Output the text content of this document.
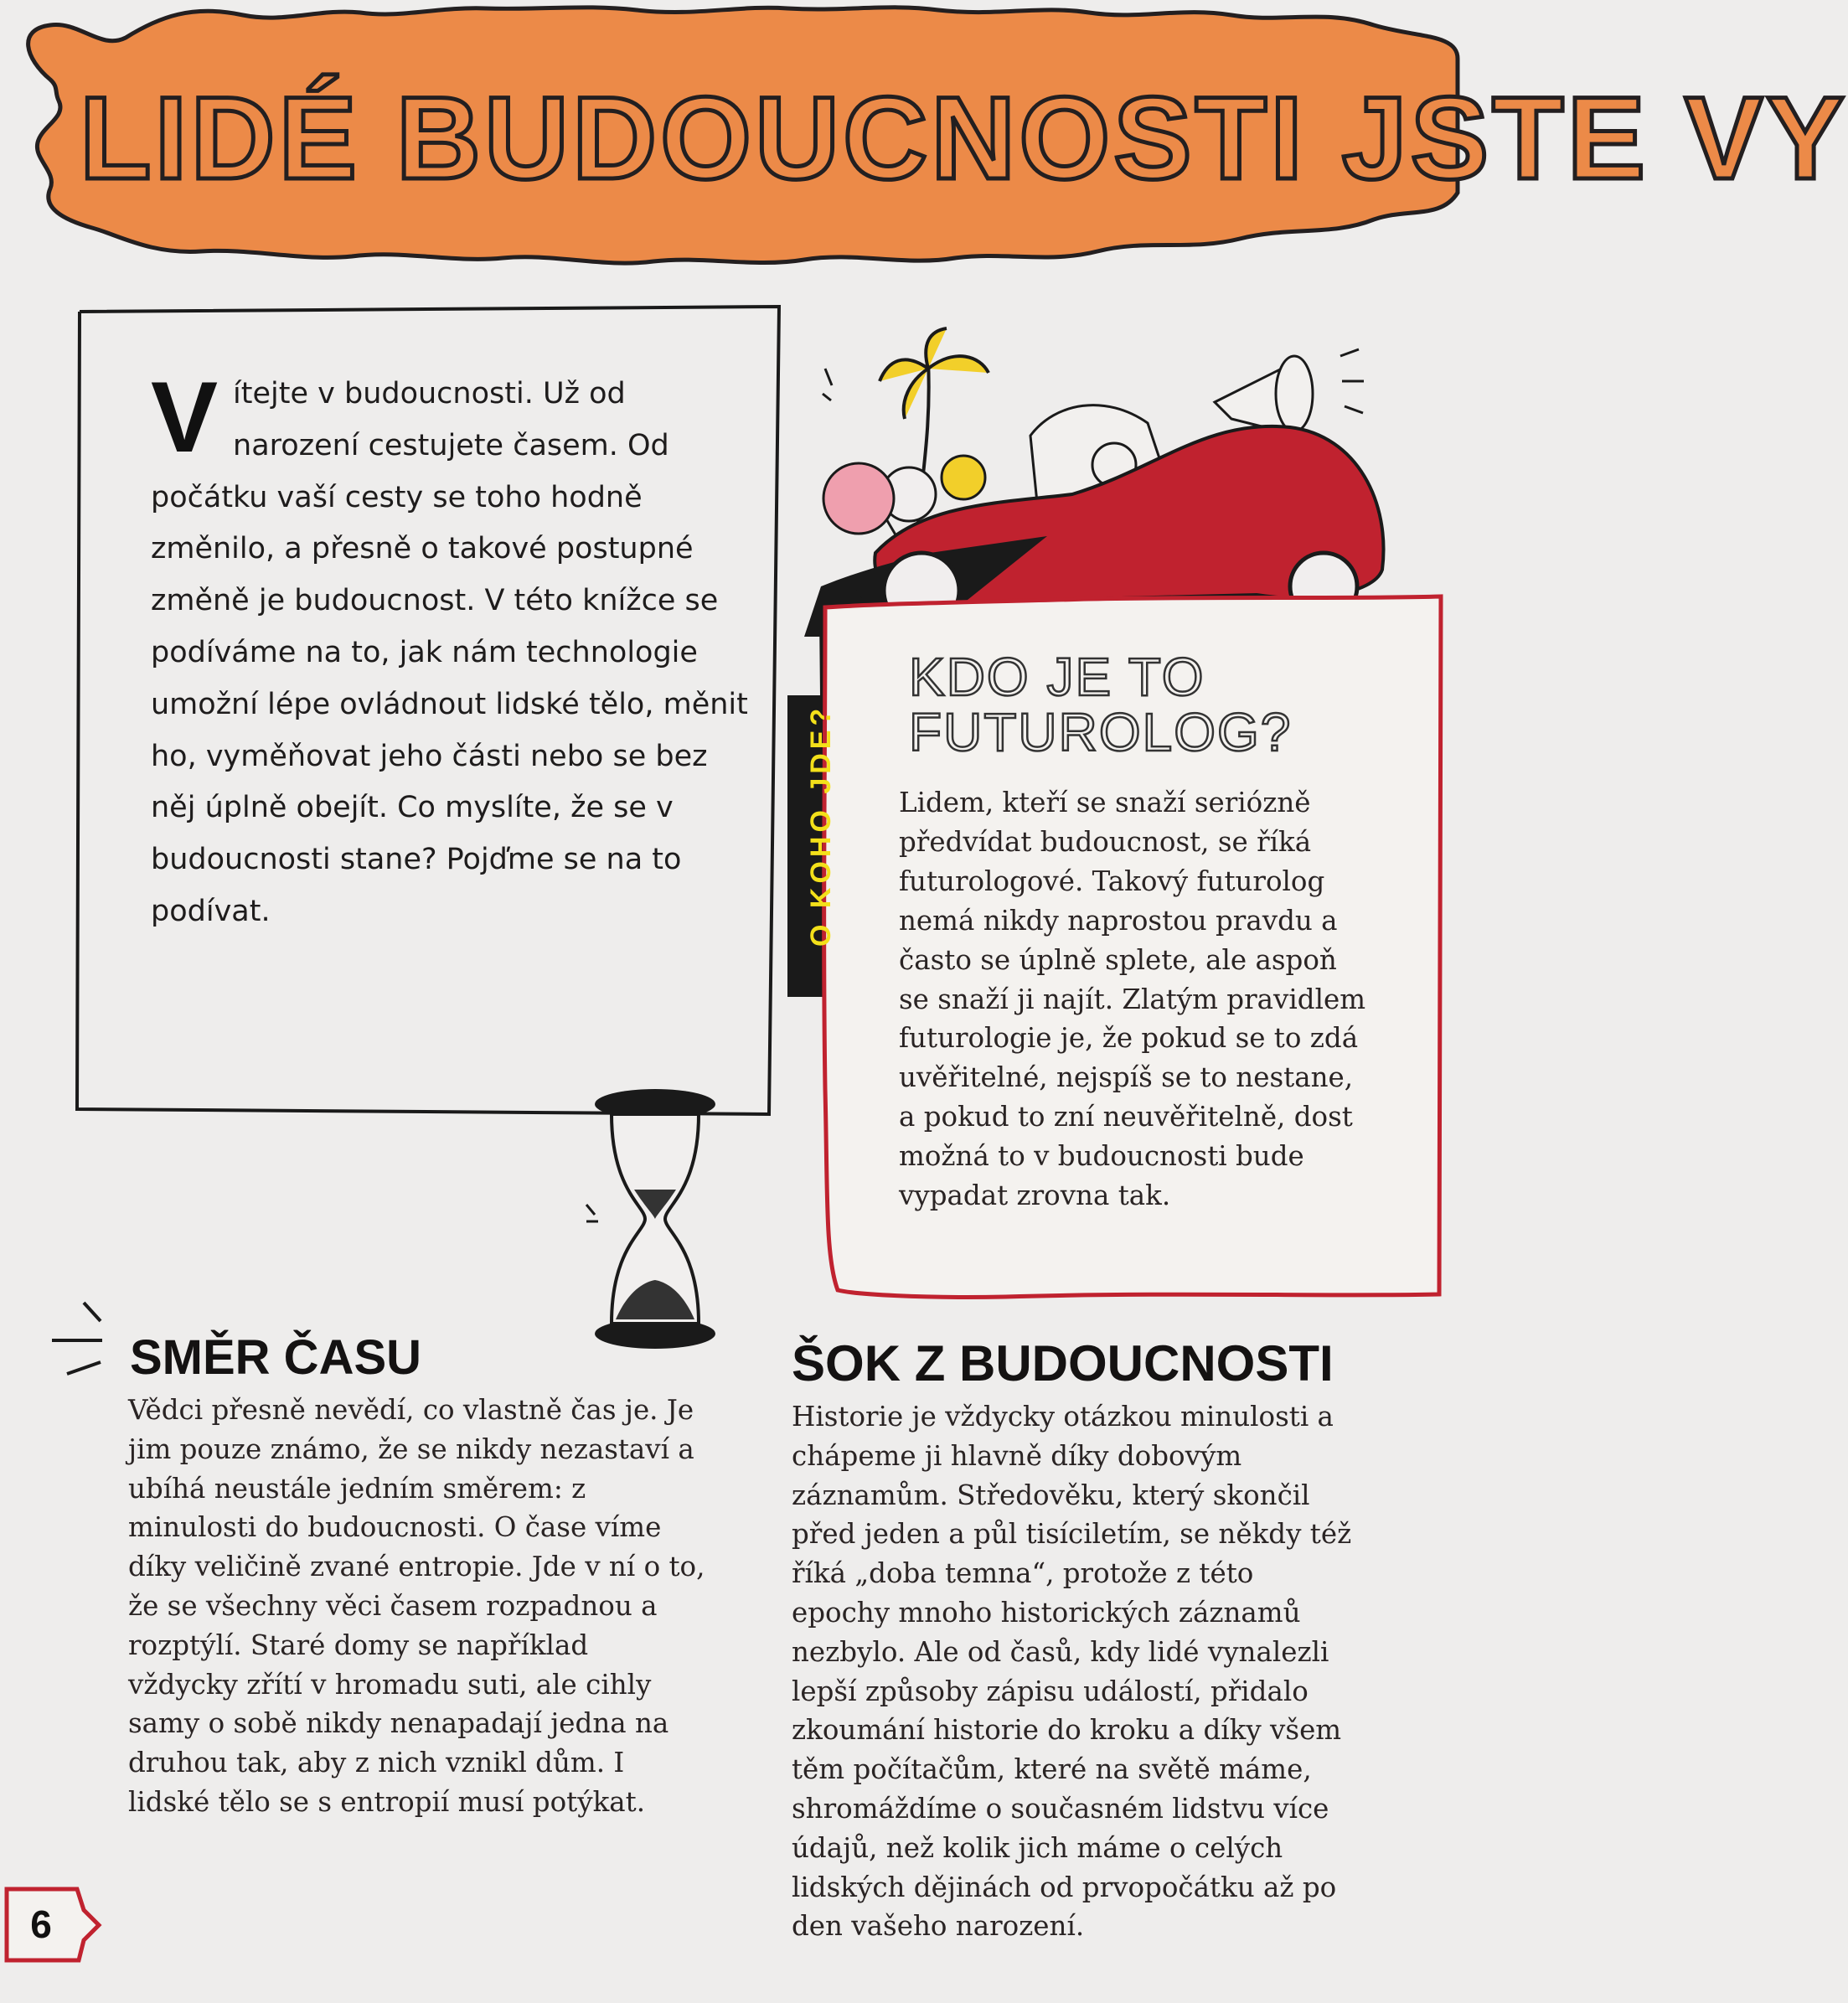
LIDÉ BUDOUCNOSTI JSTE VY

Vítejte v budoucnosti. Už od narození cestujete časem. Od počátku vaší cesty se toho hodně změnilo, a přesně o takové postupné změně je budoucnost. V této knížce se podíváme na to, jak nám technologie umožní lépe ovládnout lidské tělo, měnit ho, vyměňovat jeho části nebo se bez něj úplně obejít. Co myslíte, že se v budoucnosti stane? Pojďme se na to podívat.	O KOHO JDE?
KDO JE TO
FUTUROLOG?

Lidem, kteří se snaží seriózně předvídat budoucnost, se říká futurologové. Takový futurolog nemá nikdy naprostou pravdu a často se úplně splete, ale aspoň se snaží ji najít. Zlatým pravidlem futurologie je, že pokud se to zdá uvěřitelné, nejspíš se to nestane, a pokud to zní neuvěřitelně, dost možná to v budoucnosti bude vypadat zrovna tak.

SMĚR ČASU

Vědci přesně nevědí, co vlastně čas je. Je jim pouze známo, že se nikdy nezastaví a ubíhá neustále jedním směrem: z minulosti do budoucnosti. O čase víme díky veličině zvané entropie. Jde v ní o to, že se všechny věci časem rozpadnou a rozptýlí. Staré domy se například vždycky zřítí v hromadu suti, ale cihly samy o sobě nikdy nenapadají jedna na druhou tak, aby z nich vznikl dům. I lidské tělo se s entropií musí potýkat.

ŠOK Z BUDOUCNOSTI

Historie je vždycky otázkou minulosti a chápeme ji hlavně díky dobovým záznamům. Středověku, který skončil před jeden a půl tisíciletím, se někdy též říká „doba temna“, protože z této epochy mnoho historických záznamů nezbylo. Ale od časů, kdy lidé vynalezli lepší způsoby zápisu událostí, přidalo zkoumání historie do kroku a díky všem těm počítačům, které na světě máme, shromáždíme o současném lidstvu více údajů, než kolik jich máme o celých lidských dějinách od prvopočátku až po den vašeho narození.

6
